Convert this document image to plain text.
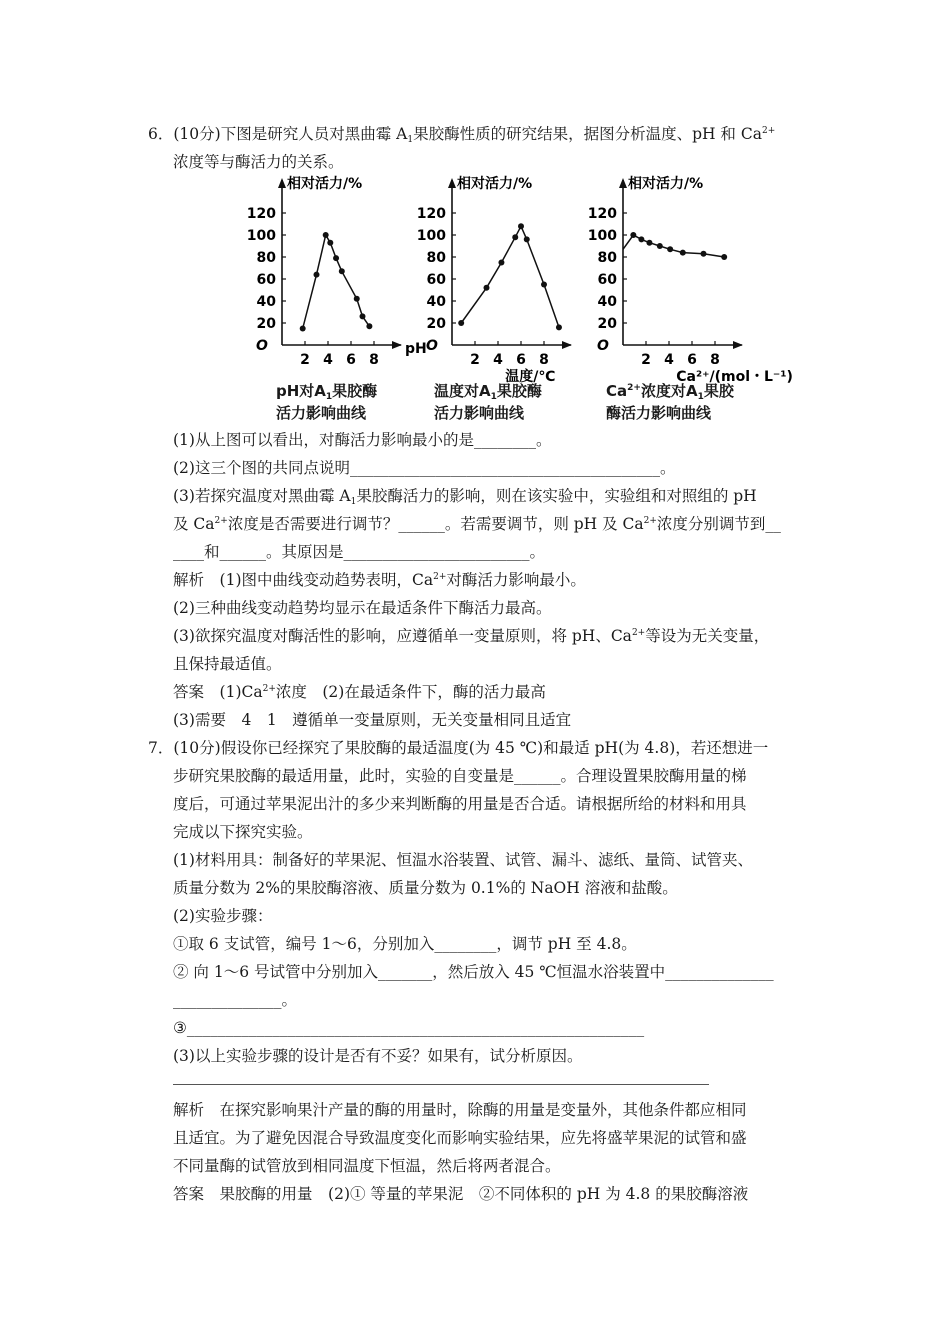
6．(10分)下图是研究人员对黑曲霉 $A_1$果胶酶性质的研究结果，据图分析温度、pH 和 $Ca^{2+}$
浓度等与酶活力的关系。
相对活力/%
O
20
40
60
80
100
120
2 4 6 8
pH
相对活力/%
O
20
40
60
80
100
120
2 4 6 8
温度/℃
相对活力/%
O
20
40
60
80
100
120
2 4 6 8
Ca²⁺/(mol・L⁻¹)
pH对$A_1$果胶酶
活力影响曲线
温度对$A_1$果胶酶
活力影响曲线
$Ca^{2+}$浓度对$A_1$果胶
酶活力影响曲线
(1)从上图可以看出，对酶活力影响最小的是________。
(2)这三个图的共同点说明________________________________________。
(3)若探究温度对黑曲霉 $A_1$果胶酶活力的影响，则在该实验中，实验组和对照组的 pH
及 $Ca^{2+}$浓度是否需要进行调节？______。若需要调节，则 pH 及 $Ca^{2+}$浓度分别调节到__
____和______。其原因是________________________。
解析　 (1)图中曲线变动趋势表明，$Ca^{2+}$对酶活力影响最小。
(2)三种曲线变动趋势均显示在最适条件下酶活力最高。
(3)欲探究温度对酶活性的影响，应遵循单一变量原则，将 pH、$Ca^{2+}$等设为无关变量，
且保持最适值。
答案　 $(1)Ca^{2+}$浓度　(2)在最适条件下，酶的活力最高
(3)需要　4　1　遵循单一变量原则，无关变量相同且适宜
7．(10分)假设你已经探究了果胶酶的最适温度(为 45 ℃)和最适 pH(为 4.8)，若还想进一
步研究果胶酶的最适用量，此时，实验的自变量是______。合理设置果胶酶用量的梯
度后，可通过苹果泥出汁的多少来判断酶的用量是否合适。请根据所给的材料和用具
完成以下探究实验。
(1)材料用具：制备好的苹果泥、恒温水浴装置、试管、漏斗、滤纸、量筒、试管夹、
质量分数为 2%的果胶酶溶液、质量分数为 0.1%的 NaOH 溶液和盐酸。
(2)实验步骤：
①取 6 支试管，编号 1～6，分别加入________，调节 pH 至 4.8。
② 向 1～6 号试管中分别加入_______，然后放入 45 ℃恒温水浴装置中______________
______________。
③___________________________________________________________
(3)以上实验步骤的设计是否有不妥？如果有，试分析原因。
解析　 在探究影响果汁产量的酶的用量时，除酶的用量是变量外，其他条件都应相同
且适宜。为了避免因混合导致温度变化而影响实验结果，应先将盛苹果泥的试管和盛
不同量酶的试管放到相同温度下恒温，然后将两者混合。
答案　 果胶酶的用量　(2)① 等量的苹果泥　②不同体积的 pH 为 4.8 的果胶酶溶液
